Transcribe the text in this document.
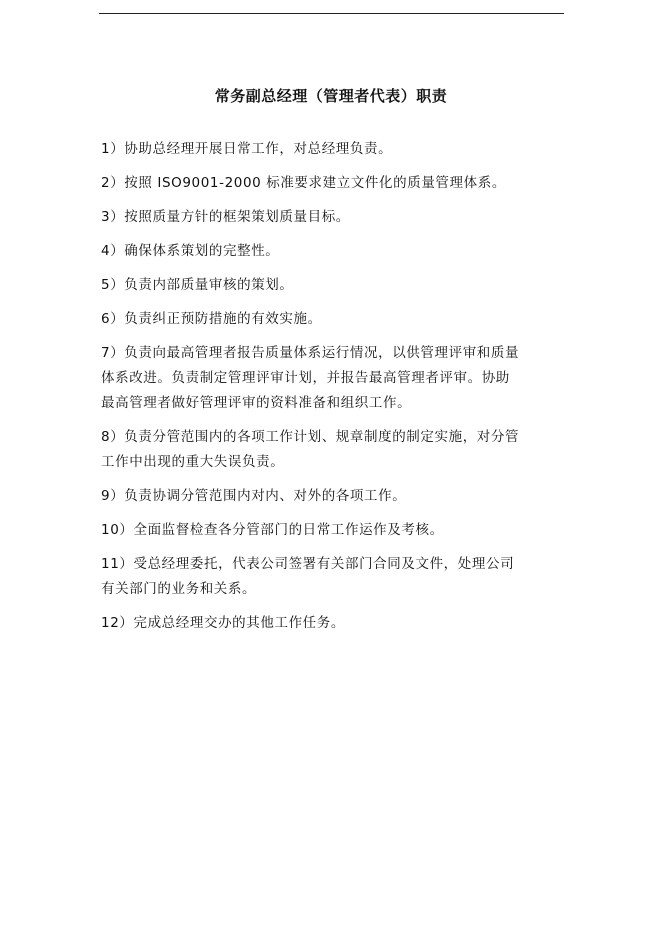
常务副总经理（管理者代表）职责
1）协助总经理开展日常工作，对总经理负责。
2）按照 ISO9001-2000 标准要求建立文件化的质量管理体系。
3）按照质量方针的框架策划质量目标。
4）确保体系策划的完整性。
5）负责内部质量审核的策划。
6）负责纠正预防措施的有效实施。
7）负责向最高管理者报告质量体系运行情况，以供管理评审和质量
体系改进。负责制定管理评审计划，并报告最高管理者评审。协助
最高管理者做好管理评审的资料准备和组织工作。
8）负责分管范围内的各项工作计划、规章制度的制定实施，对分管
工作中出现的重大失误负责。
9）负责协调分管范围内对内、对外的各项工作。
10）全面监督检查各分管部门的日常工作运作及考核。
11）受总经理委托，代表公司签署有关部门合同及文件，处理公司
有关部门的业务和关系。
12）完成总经理交办的其他工作任务。
